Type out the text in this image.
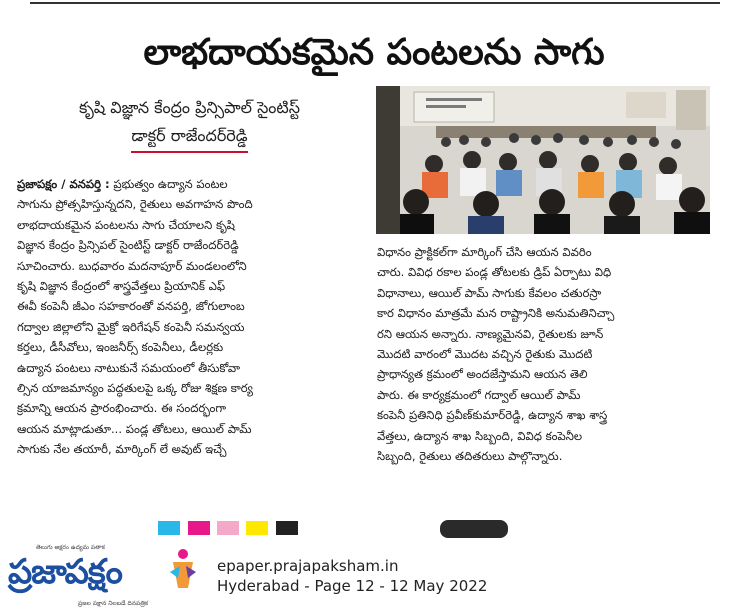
లాభదాయకమైన పంటలను సాగు
కృషి విజ్ఞాన కేంద్రం ప్రిన్సిపాల్ సైంటిస్ట్
డాక్టర్ రాజేందర్‌రెడ్డి
ప్రజాపక్షం / వనపర్తి : ప్రభుత్వం ఉద్యాన పంటల
సాగును ప్రోత్సహిస్తున్నదని, రైతులు అవగాహన పొంది
లాభదాయకమైన పంటలను సాగు చేయాలని కృషి
విజ్ఞాన కేంద్రం ప్రిన్సిపల్ సైంటిస్ట్ డాక్టర్ రాజేందర్‌రెడ్డి
సూచించారు. బుధవారం మదనాపూర్ మండలంలోని
కృషి విజ్ఞాన కేంద్రంలో శాస్త్రవేత్తలు ప్రియానిక్ ఎఫ్
ఈవీ కంపెనీ జీఎం సహకారంతో వనపర్తి, జోగులాంబ
గద్వాల జిల్లాలోని మైక్రో ఇరిగేషన్ కంపెనీ సమన్వయ
కర్తలు, డీసీవోలు, ఇంజనీర్స్ కంపెనీలు, డీలర్లకు
ఉద్యాన పంటలు నాటుకునే సమయంలో తీసుకోవా
ల్సిన యాజమాన్యం పద్ధతులపై ఒక్క రోజు శిక్షణ కార్య
క్రమాన్ని ఆయన ప్రారంభించారు. ఈ సందర్భంగా
ఆయన మాట్లాడుతూ... పండ్ల తోటలు, ఆయిల్ పామ్
సాగుకు నేల తయారీ, మార్కింగ్ లే అవుట్ ఇచ్చే
విధానం ప్రాక్టికల్‌గా మార్కింగ్ చేసి ఆయన వివరిం
చారు. వివిధ రకాల పండ్ల తోటలకు డ్రిప్ ఏర్పాటు విధి
విధానాలు, ఆయిల్ పామ్ సాగుకు కేవలం చతురస్రా
కార విధానం మాత్రమే మన రాష్ట్రానికి అనుమతినిచ్చా
రని ఆయన అన్నారు. నాణ్యమైనవి, రైతులకు జూన్
మొదటి వారంలో మొదట వచ్చిన రైతుకు మొదటి
ప్రాధాన్యత క్రమంలో అందజేస్తామని ఆయన తెలి
పారు. ఈ కార్యక్రమంలో గద్వాల్ ఆయిల్ పామ్
కంపెనీ ప్రతినిధి ప్రవీణ్‌కుమార్‌రెడ్డి, ఉద్యాన శాఖ శాస్త్ర
వేత్తలు, ఉద్యాన శాఖ సిబ్బంది, వివిధ కంపెనీల
సిబ్బంది, రైతులు తదితరులు పాల్గొన్నారు.
తెలుగు అక్షరం ఉద్యమ పతాక
ప్రజాపక్షం
ప్రజల పక్షాన నిలబడే దినపత్రిక
epaper.prajapaksham.in
Hyderabad - Page 12 - 12 May 2022
